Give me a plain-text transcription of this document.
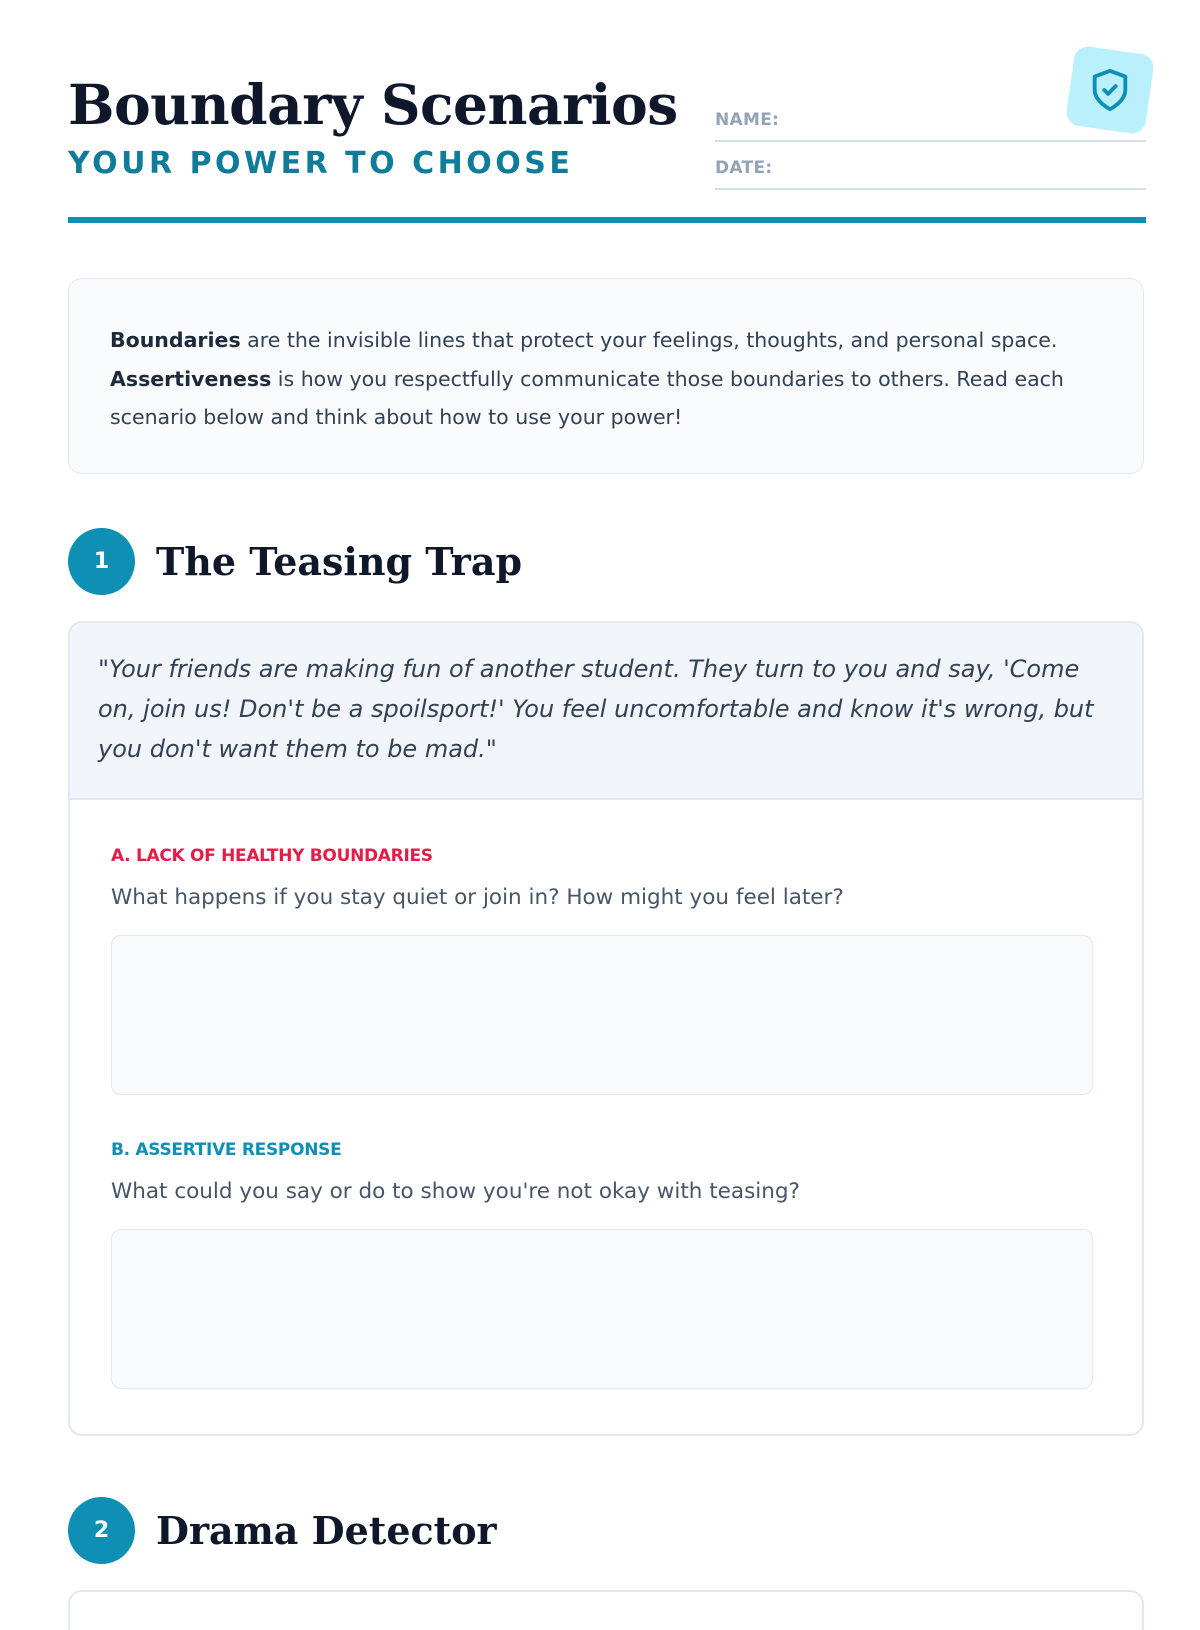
Boundary Scenarios
YOUR POWER TO CHOOSE
NAME:
DATE:
Boundaries are the invisible lines that protect your feelings, thoughts, and personal space. Assertiveness is how you respectfully communicate those boundaries to others. Read each scenario below and think about how to use your power!
1	The Teasing Trap
"Your friends are making fun of another student. They turn to you and say, 'Come on, join us! Don't be a spoilsport!' You feel uncomfortable and know it's wrong, but you don't want them to be mad."
A. LACK OF HEALTHY BOUNDARIES
What happens if you stay quiet or join in? How might you feel later?
B. ASSERTIVE RESPONSE
What could you say or do to show you're not okay with teasing?
2	Drama Detector
